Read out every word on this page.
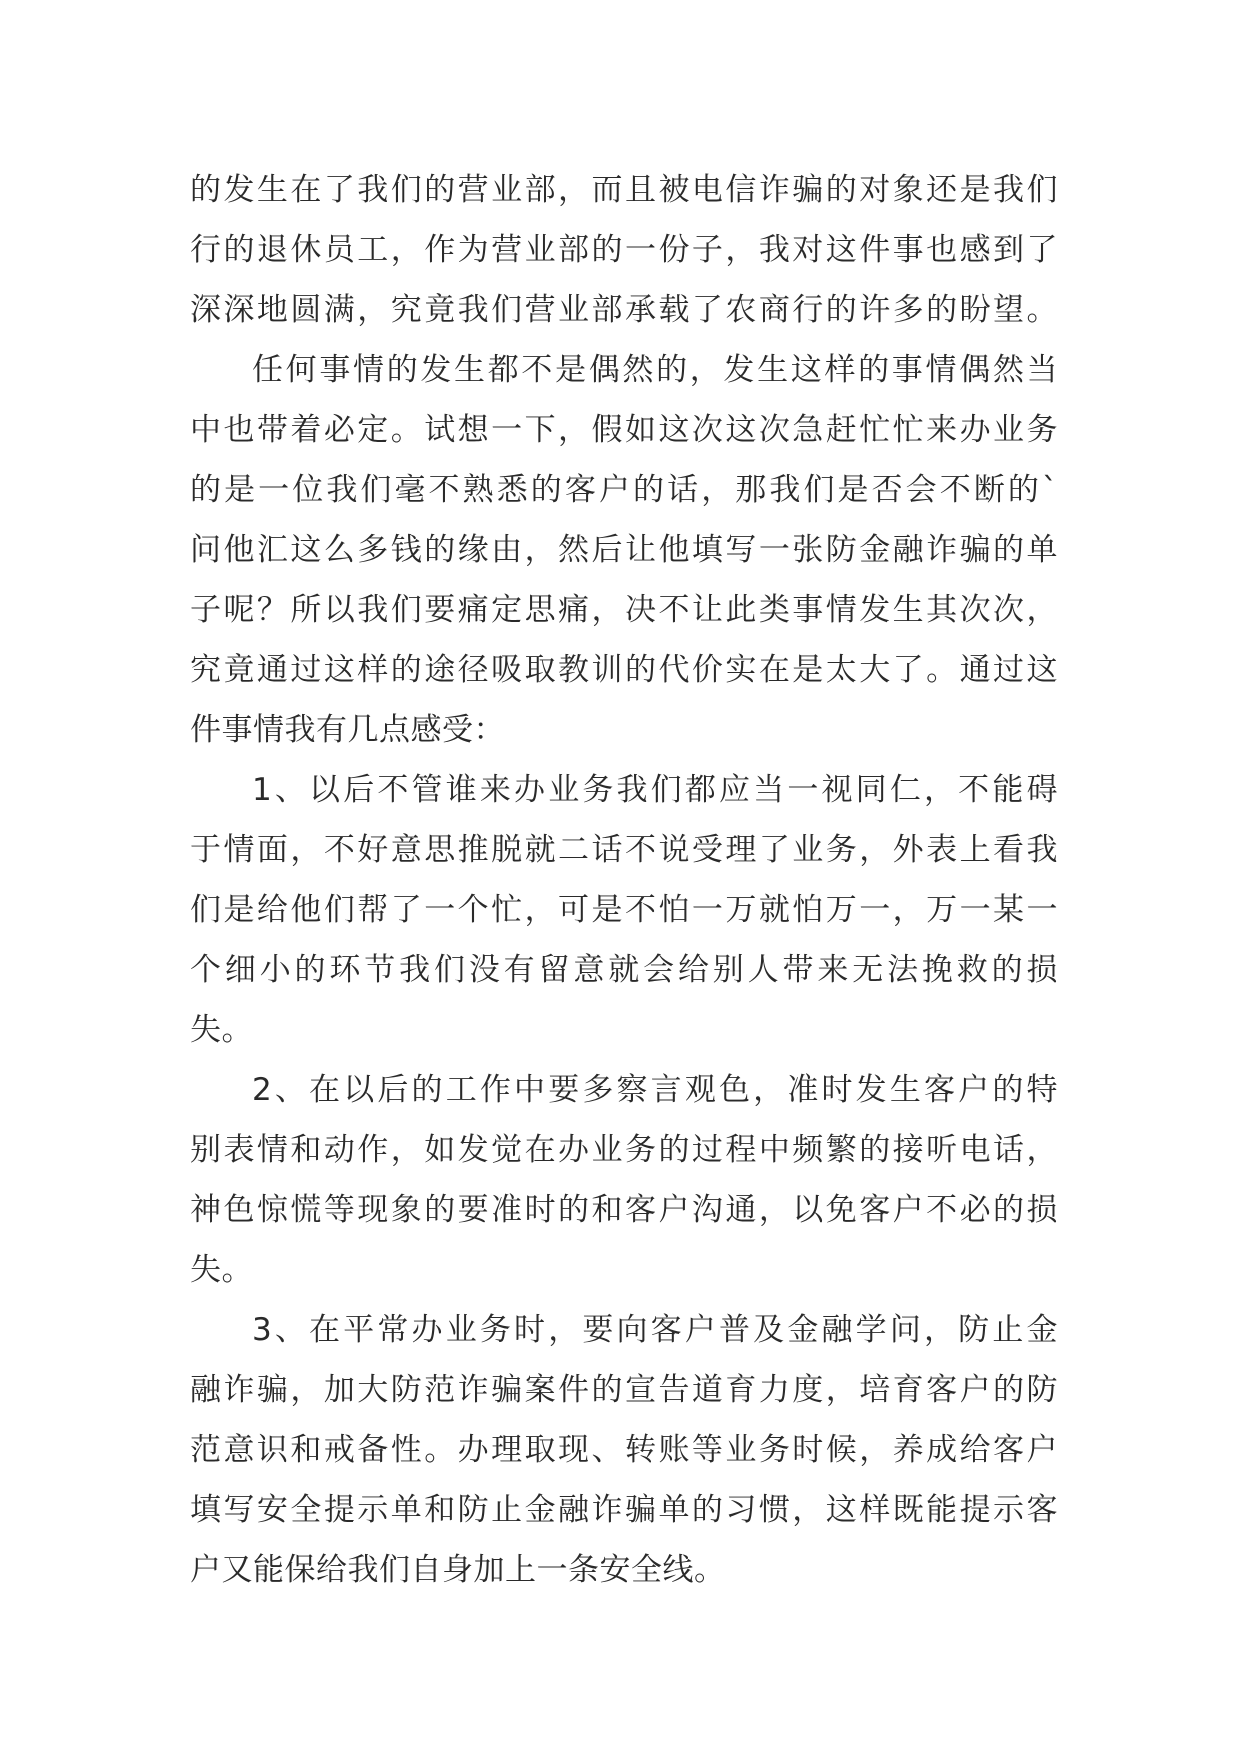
的发生在了我们的营业部，而且被电信诈骗的对象还是我们
行的退休员工，作为营业部的一份子，我对这件事也感到了
深深地圆满，究竟我们营业部承载了农商行的许多的盼望。
任何事情的发生都不是偶然的，发生这样的事情偶然当
中也带着必定。试想一下，假如这次这次急赶忙忙来办业务
的是一位我们毫不熟悉的客户的话，那我们是否会不断的`
问他汇这么多钱的缘由，然后让他填写一张防金融诈骗的单
子呢？所以我们要痛定思痛，决不让此类事情发生其次次，
究竟通过这样的途径吸取教训的代价实在是太大了。通过这
件事情我有几点感受：
1、以后不管谁来办业务我们都应当一视同仁，不能碍
于情面，不好意思推脱就二话不说受理了业务，外表上看我
们是给他们帮了一个忙，可是不怕一万就怕万一，万一某一
个细小的环节我们没有留意就会给别人带来无法挽救的损
失。
2、在以后的工作中要多察言观色，准时发生客户的特
别表情和动作，如发觉在办业务的过程中频繁的接听电话，
神色惊慌等现象的要准时的和客户沟通，以免客户不必的损
失。
3、在平常办业务时，要向客户普及金融学问，防止金
融诈骗，加大防范诈骗案件的宣告道育力度，培育客户的防
范意识和戒备性。办理取现、转账等业务时候，养成给客户
填写安全提示单和防止金融诈骗单的习惯，这样既能提示客
户又能保给我们自身加上一条安全线。
